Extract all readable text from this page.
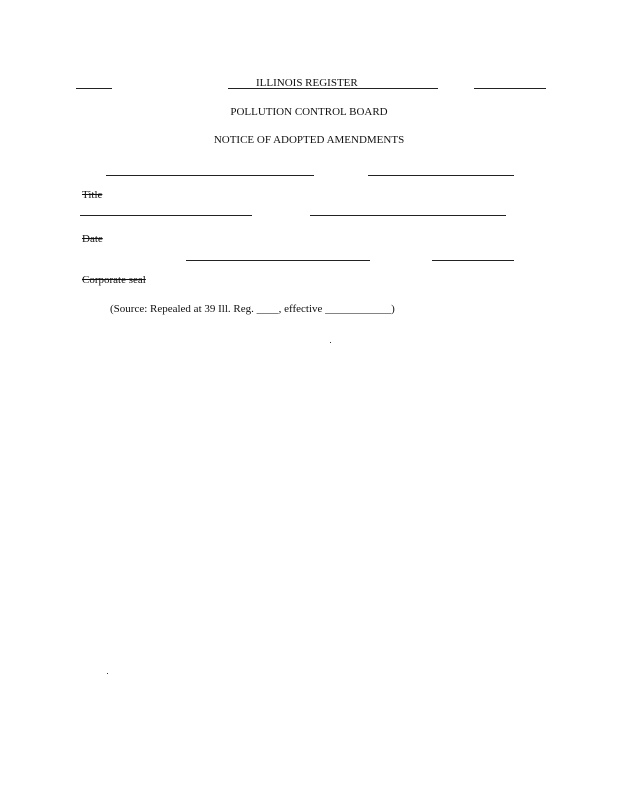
ILLINOIS REGISTER
POLLUTION CONTROL BOARD
NOTICE OF ADOPTED AMENDMENTS
Title
Date
Corporate seal
(Source: Repealed at 39 Ill. Reg. ____, effective ____________)
